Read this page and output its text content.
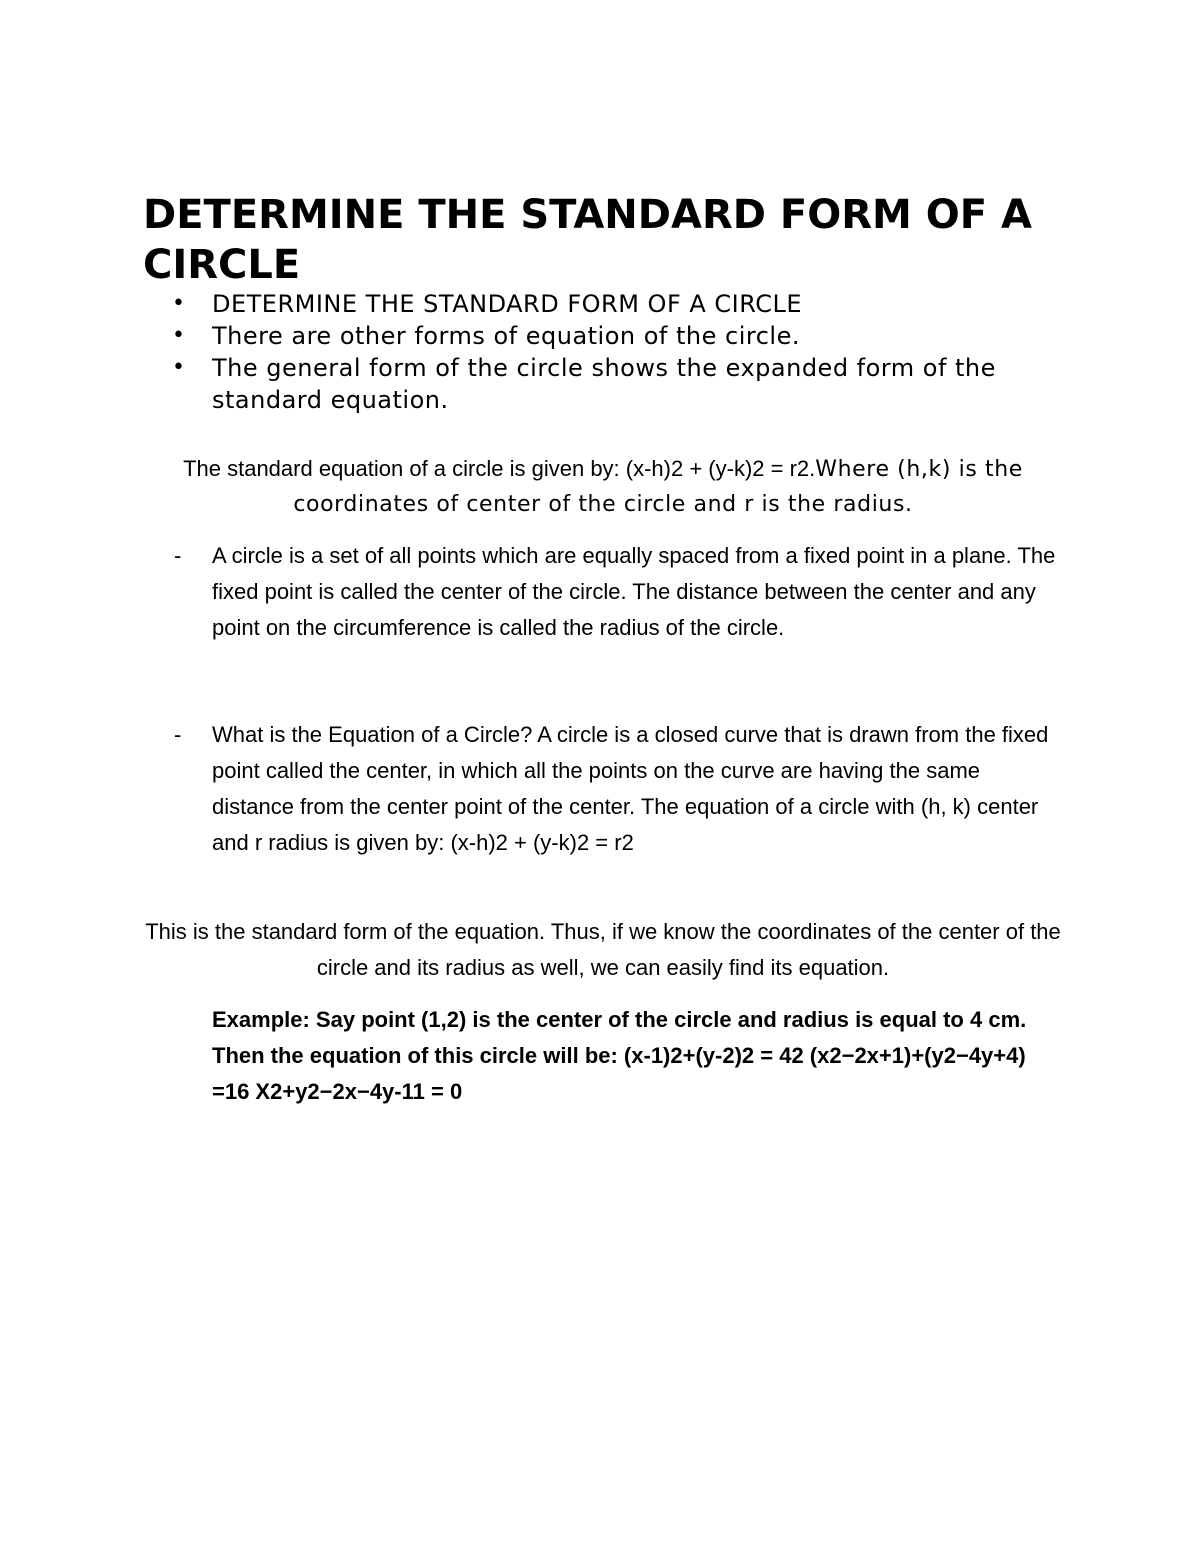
DETERMINE THE STANDARD FORM OF A CIRCLE
• DETERMINE THE STANDARD FORM OF A CIRCLE
• There are other forms of equation of the circle.
• The general form of the circle shows the expanded form of the standard equation.

The standard equation of a circle is given by: (x-h)2 + (y-k)2 = r2.Where (h,k) is the coordinates of center of the circle and r is the radius.

- A circle is a set of all points which are equally spaced from a fixed point in a plane. The fixed point is called the center of the circle. The distance between the center and any point on the circumference is called the radius of the circle.
- What is the Equation of a Circle? A circle is a closed curve that is drawn from the fixed point called the center, in which all the points on the curve are having the same distance from the center point of the center. The equation of a circle with (h, k) center and r radius is given by: (x-h)2 + (y-k)2 = r2

This is the standard form of the equation. Thus, if we know the coordinates of the center of the circle and its radius as well, we can easily find its equation.

Example: Say point (1,2) is the center of the circle and radius is equal to 4 cm. Then the equation of this circle will be: (x-1)2+(y-2)2 = 42 (x2−2x+1)+(y2−4y+4) =16 X2+y2−2x−4y-11 = 0
